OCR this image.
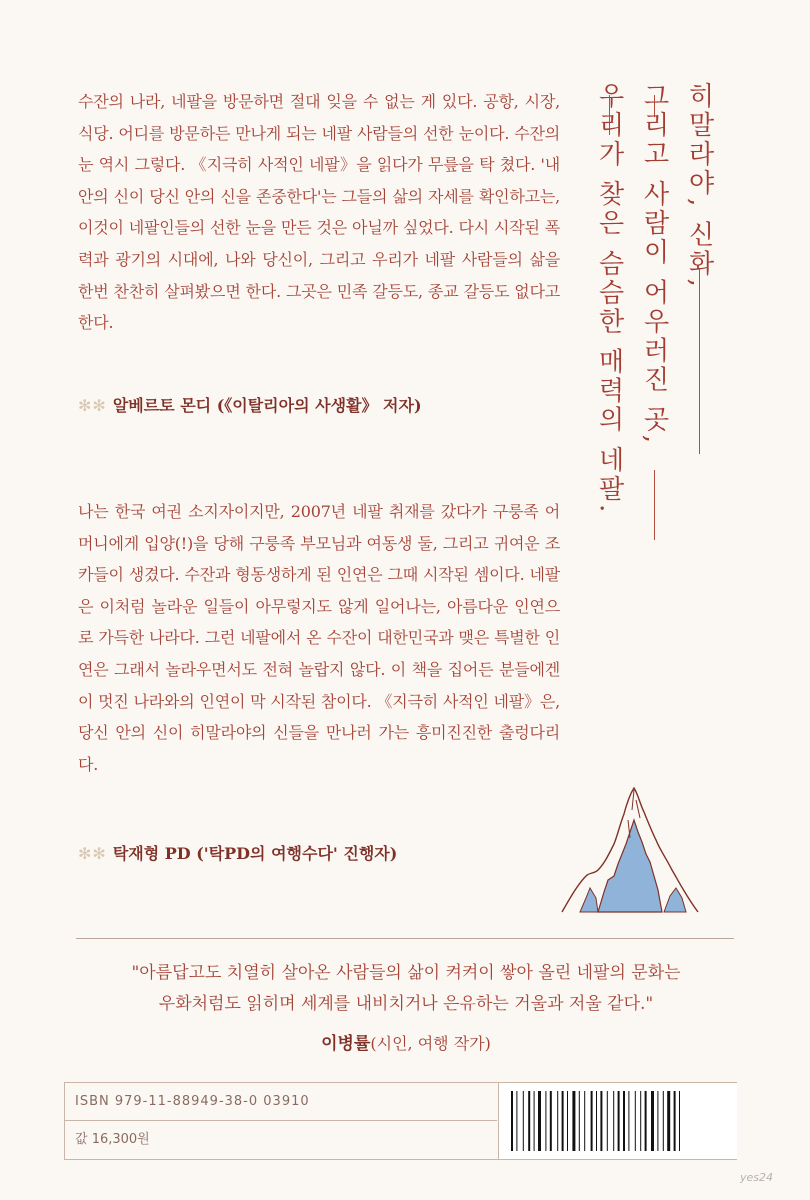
히말라야, 신화,
그리고 사람이 어우러진 곳,
우리가 찾은 슴슴한 매력의 네팔.

수잔의 나라, 네팔을 방문하면 절대 잊을 수 없는 게 있다. 공항, 시장, 식당. 어디를 방문하든 만나게 되는 네팔 사람들의 선한 눈이다. 수잔의 눈 역시 그렇다. 《지극히 사적인 네팔》을 읽다가 무릎을 탁 쳤다. '내 안의 신이 당신 안의 신을 존중한다'는 그들의 삶의 자세를 확인하고는, 이것이 네팔인들의 선한 눈을 만든 것은 아닐까 싶었다. 다시 시작된 폭력과 광기의 시대에, 나와 당신이, 그리고 우리가 네팔 사람들의 삶을 한번 찬찬히 살펴봤으면 한다. 그곳은 민족 갈등도, 종교 갈등도 없다고 한다.

✻✻ 알베르토 몬디 (《이탈리아의 사생활》 저자)

나는 한국 여권 소지자이지만, 2007년 네팔 취재를 갔다가 구룽족 어머니에게 입양(!)을 당해 구룽족 부모님과 여동생 둘, 그리고 귀여운 조카들이 생겼다. 수잔과 형동생하게 된 인연은 그때 시작된 셈이다. 네팔은 이처럼 놀라운 일들이 아무렇지도 않게 일어나는, 아름다운 인연으로 가득한 나라다. 그런 네팔에서 온 수잔이 대한민국과 맺은 특별한 인연은 그래서 놀라우면서도 전혀 놀랍지 않다. 이 책을 집어든 분들에겐 이 멋진 나라와의 인연이 막 시작된 참이다. 《지극히 사적인 네팔》은, 당신 안의 신이 히말라야의 신들을 만나러 가는 흥미진진한 출렁다리다.

✻✻ 탁재형 PD ('탁PD의 여행수다' 진행자)
"아름답고도 치열히 살아온 사람들의 삶이 켜켜이 쌓아 올린 네팔의 문화는
우화처럼도 읽히며 세계를 내비치거나 은유하는 거울과 저울 같다."
이병률(시인, 여행 작가)
ISBN 979-11-88949-38-0 03910
값 16,300원
yes24
